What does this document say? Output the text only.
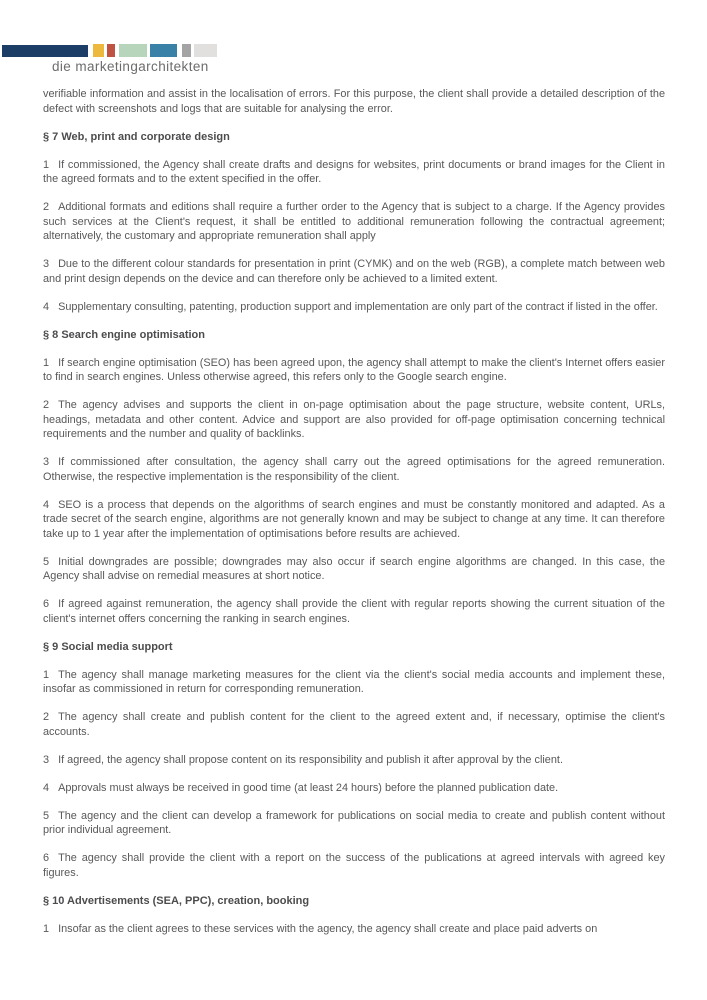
die marketingarchitekten

verifiable information and assist in the localisation of errors. For this purpose, the client shall provide a detailed description of the defect with screenshots and logs that are suitable for analysing the error.

§ 7 Web, print and corporate design

1 If commissioned, the Agency shall create drafts and designs for websites, print documents or brand images for the Client in the agreed formats and to the extent specified in the offer.

2 Additional formats and editions shall require a further order to the Agency that is subject to a charge. If the Agency provides such services at the Client's request, it shall be entitled to additional remuneration following the contractual agreement; alternatively, the customary and appropriate remuneration shall apply

3 Due to the different colour standards for presentation in print (CYMK) and on the web (RGB), a complete match between web and print design depends on the device and can therefore only be achieved to a limited extent.

4 Supplementary consulting, patenting, production support and implementation are only part of the contract if listed in the offer.

§ 8 Search engine optimisation

1 If search engine optimisation (SEO) has been agreed upon, the agency shall attempt to make the client's Internet offers easier to find in search engines. Unless otherwise agreed, this refers only to the Google search engine.

2 The agency advises and supports the client in on-page optimisation about the page structure, website content, URLs, headings, metadata and other content. Advice and support are also provided for off-page optimisation concerning technical requirements and the number and quality of backlinks.

3 If commissioned after consultation, the agency shall carry out the agreed optimisations for the agreed remuneration. Otherwise, the respective implementation is the responsibility of the client.

4 SEO is a process that depends on the algorithms of search engines and must be constantly monitored and adapted. As a trade secret of the search engine, algorithms are not generally known and may be subject to change at any time. It can therefore take up to 1 year after the implementation of optimisations before results are achieved.

5 Initial downgrades are possible; downgrades may also occur if search engine algorithms are changed. In this case, the Agency shall advise on remedial measures at short notice.

6 If agreed against remuneration, the agency shall provide the client with regular reports showing the current situation of the client's internet offers concerning the ranking in search engines.

§ 9 Social media support

1 The agency shall manage marketing measures for the client via the client's social media accounts and implement these, insofar as commissioned in return for corresponding remuneration.

2 The agency shall create and publish content for the client to the agreed extent and, if necessary, optimise the client's accounts.

3 If agreed, the agency shall propose content on its responsibility and publish it after approval by the client.

4 Approvals must always be received in good time (at least 24 hours) before the planned publication date.

5 The agency and the client can develop a framework for publications on social media to create and publish content without prior individual agreement.

6 The agency shall provide the client with a report on the success of the publications at agreed intervals with agreed key figures.

§ 10 Advertisements (SEA, PPC), creation, booking

1 Insofar as the client agrees to these services with the agency, the agency shall create and place paid adverts on
